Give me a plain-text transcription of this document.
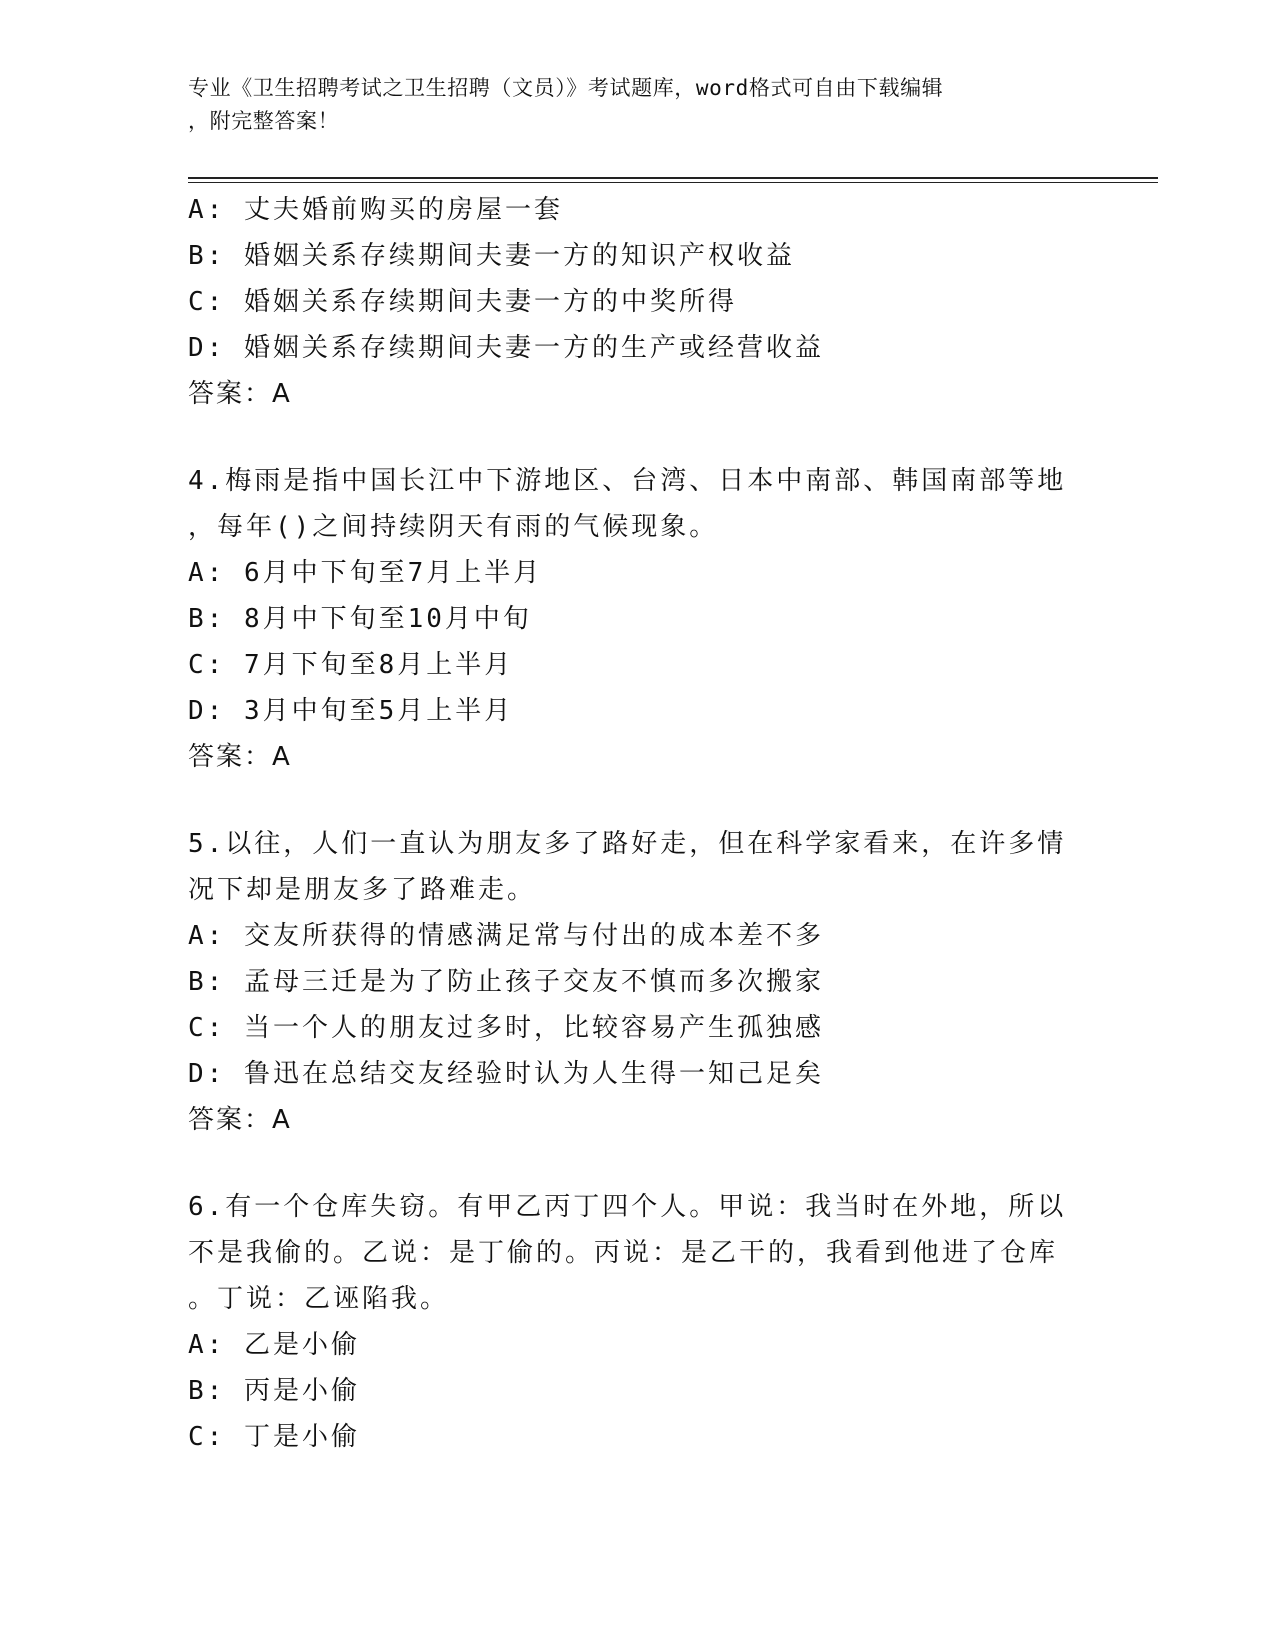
专业《卫生招聘考试之卫生招聘（文员）》考试题库，word格式可自由下载编辑
，附完整答案！
A: 丈夫婚前购买的房屋一套
B: 婚姻关系存续期间夫妻一方的知识产权收益
C: 婚姻关系存续期间夫妻一方的中奖所得
D: 婚姻关系存续期间夫妻一方的生产或经营收益
答案：A
4.梅雨是指中国长江中下游地区、台湾、日本中南部、韩国南部等地
，每年()之间持续阴天有雨的气候现象。
A: 6月中下旬至7月上半月
B: 8月中下旬至10月中旬
C: 7月下旬至8月上半月
D: 3月中旬至5月上半月
答案：A
5.以往，人们一直认为朋友多了路好走，但在科学家看来，在许多情
况下却是朋友多了路难走。
A: 交友所获得的情感满足常与付出的成本差不多
B: 孟母三迁是为了防止孩子交友不慎而多次搬家
C: 当一个人的朋友过多时，比较容易产生孤独感
D: 鲁迅在总结交友经验时认为人生得一知己足矣
答案：A
6.有一个仓库失窃。有甲乙丙丁四个人。甲说：我当时在外地，所以
不是我偷的。乙说：是丁偷的。丙说：是乙干的，我看到他进了仓库
。丁说：乙诬陷我。
A: 乙是小偷
B: 丙是小偷
C: 丁是小偷
